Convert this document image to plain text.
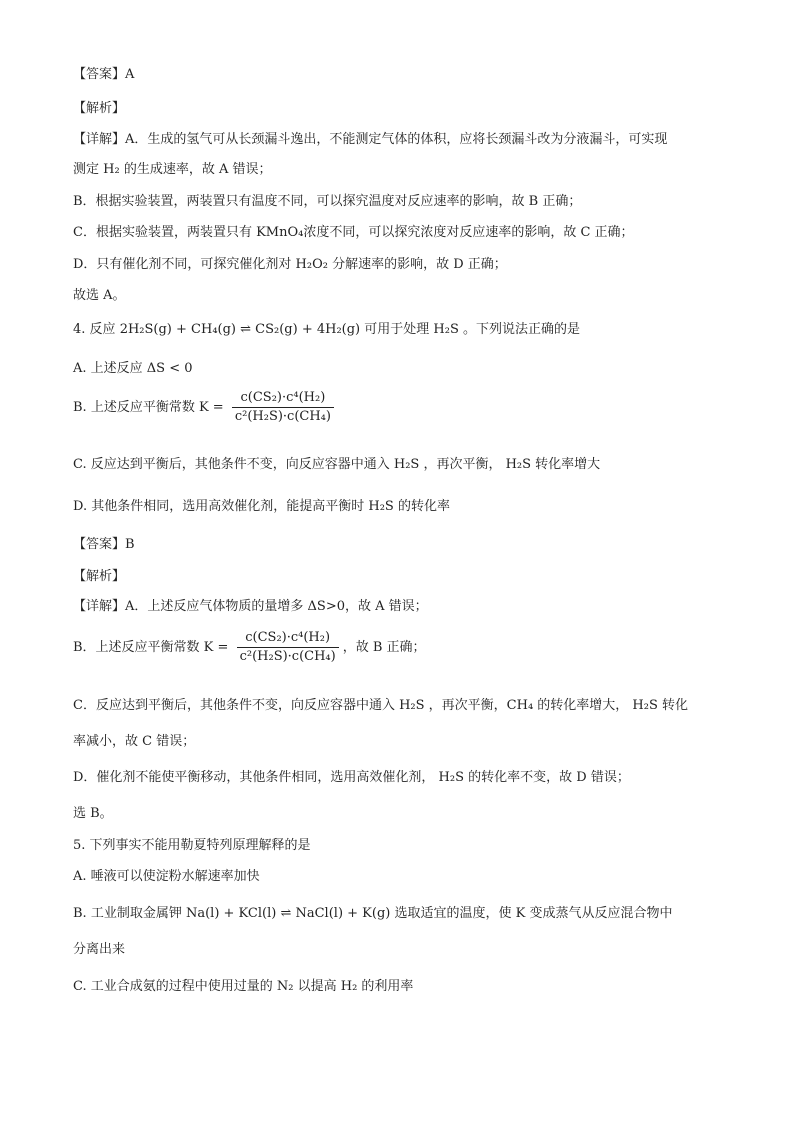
【答案】A
【解析】
【详解】A．生成的氢气可从长颈漏斗逸出，不能测定气体的体积，应将长颈漏斗改为分液漏斗，可实现
测定 H₂ 的生成速率，故 A 错误；
B．根据实验装置，两装置只有温度不同，可以探究温度对反应速率的影响，故 B 正确；
C．根据实验装置，两装置只有 KMnO₄浓度不同，可以探究浓度对反应速率的影响，故 C 正确；
D．只有催化剂不同，可探究催化剂对 H₂O₂ 分解速率的影响，故 D 正确；
故选 A。
4. 反应 2H₂S(g) + CH₄(g) ⇌ CS₂(g) + 4H₂(g) 可用于处理 H₂S 。下列说法正确的是
A. 上述反应 ΔS < 0
B. 上述反应平衡常数 $K = \frac{\text{c(CS₂)·c⁴(H₂)}}{\text{c²(H₂S)·c(CH₄)}}$
C. 反应达到平衡后，其他条件不变，向反应容器中通入 H₂S ，再次平衡， H₂S 转化率增大
D. 其他条件相同，选用高效催化剂，能提高平衡时 H₂S 的转化率
【答案】B
【解析】
【详解】A．上述反应气体物质的量增多 ΔS>0，故 A 错误；
B．上述反应平衡常数 $K = \frac{\text{c(CS₂)·c⁴(H₂)}}{\text{c²(H₂S)·c(CH₄)}}$ ，故 B 正确；
C．反应达到平衡后，其他条件不变，向反应容器中通入 H₂S ，再次平衡，CH₄ 的转化率增大， H₂S 转化
率减小，故 C 错误；
D．催化剂不能使平衡移动，其他条件相同，选用高效催化剂， H₂S 的转化率不变，故 D 错误；
选 B。
5. 下列事实不能用勒夏特列原理解释的是
A. 唾液可以使淀粉水解速率加快
B. 工业制取金属钾 Na(l) + KCl(l) ⇌ NaCl(l) + K(g) 选取适宜的温度，使 K 变成蒸气从反应混合物中
分离出来
C. 工业合成氨的过程中使用过量的 N₂ 以提高 H₂ 的利用率
